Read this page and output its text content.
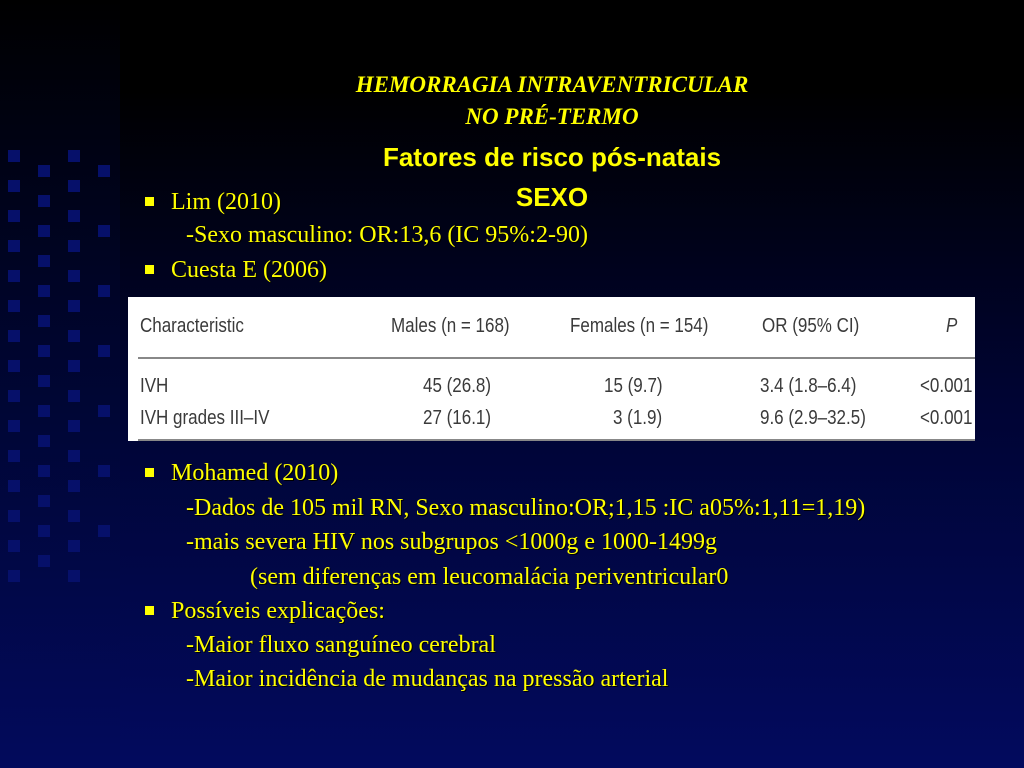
HEMORRAGIA INTRAVENTRICULAR
NO PRÉ-TERMO
Fatores de risco pós-natais
SEXO
Lim (2010)
-Sexo masculino: OR:13,6 (IC 95%:2-90)
Cuesta E (2006)
Characteristic	Males (n = 168)	Females (n = 154)	OR (95% CI)	P
IVH	45 (26.8)	15 (9.7)	3.4 (1.8–6.4)	<0.001
IVH grades III–IV	27 (16.1)	3 (1.9)	9.6 (2.9–32.5)	<0.001
Mohamed (2010)
-Dados de 105 mil RN, Sexo masculino:OR;1,15 :IC a05%:1,11=1,19)
-mais severa HIV nos subgrupos <1000g e 1000-1499g
(sem diferenças em leucomalácia periventricular0
Possíveis explicações:
-Maior fluxo sanguíneo cerebral
-Maior incidência de mudanças na pressão arterial
